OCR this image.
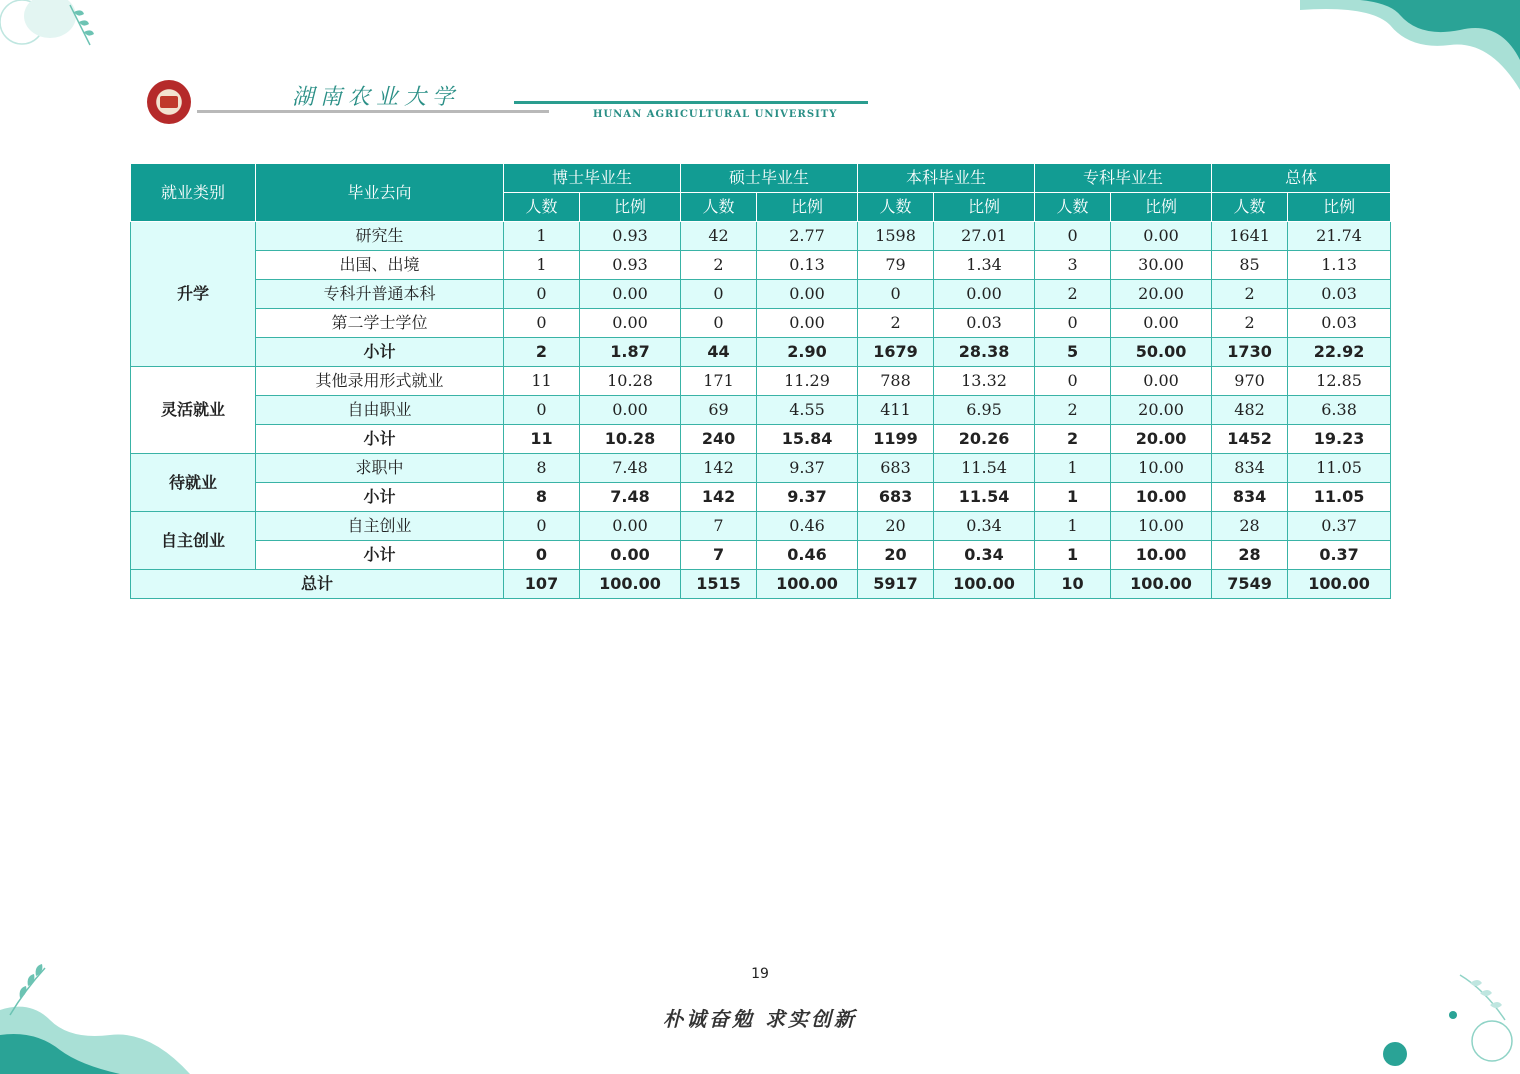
湖南农业大学
HUNAN AGRICULTURAL UNIVERSITY
就业类别	毕业去向	博士毕业生		硕士毕业生		本科毕业生		专科毕业生		总体	
		人数	比例	人数	比例	人数	比例	人数	比例	人数	比例
升学	研究生	1	0.93	42	2.77	1598	27.01	0	0.00	1641	21.74
	出国、出境	1	0.93	2	0.13	79	1.34	3	30.00	85	1.13
	专科升普通本科	0	0.00	0	0.00	0	0.00	2	20.00	2	0.03
	第二学士学位	0	0.00	0	0.00	2	0.03	0	0.00	2	0.03
	小计	2	1.87	44	2.90	1679	28.38	5	50.00	1730	22.92
灵活就业	其他录用形式就业	11	10.28	171	11.29	788	13.32	0	0.00	970	12.85
	自由职业	0	0.00	69	4.55	411	6.95	2	20.00	482	6.38
	小计	11	10.28	240	15.84	1199	20.26	2	20.00	1452	19.23
待就业	求职中	8	7.48	142	9.37	683	11.54	1	10.00	834	11.05
	小计	8	7.48	142	9.37	683	11.54	1	10.00	834	11.05
自主创业	自主创业	0	0.00	7	0.46	20	0.34	1	10.00	28	0.37
	小计	0	0.00	7	0.46	20	0.34	1	10.00	28	0.37
总计		107	100.00	1515	100.00	5917	100.00	10	100.00	7549	100.00
19
朴诚奋勉 求实创新
